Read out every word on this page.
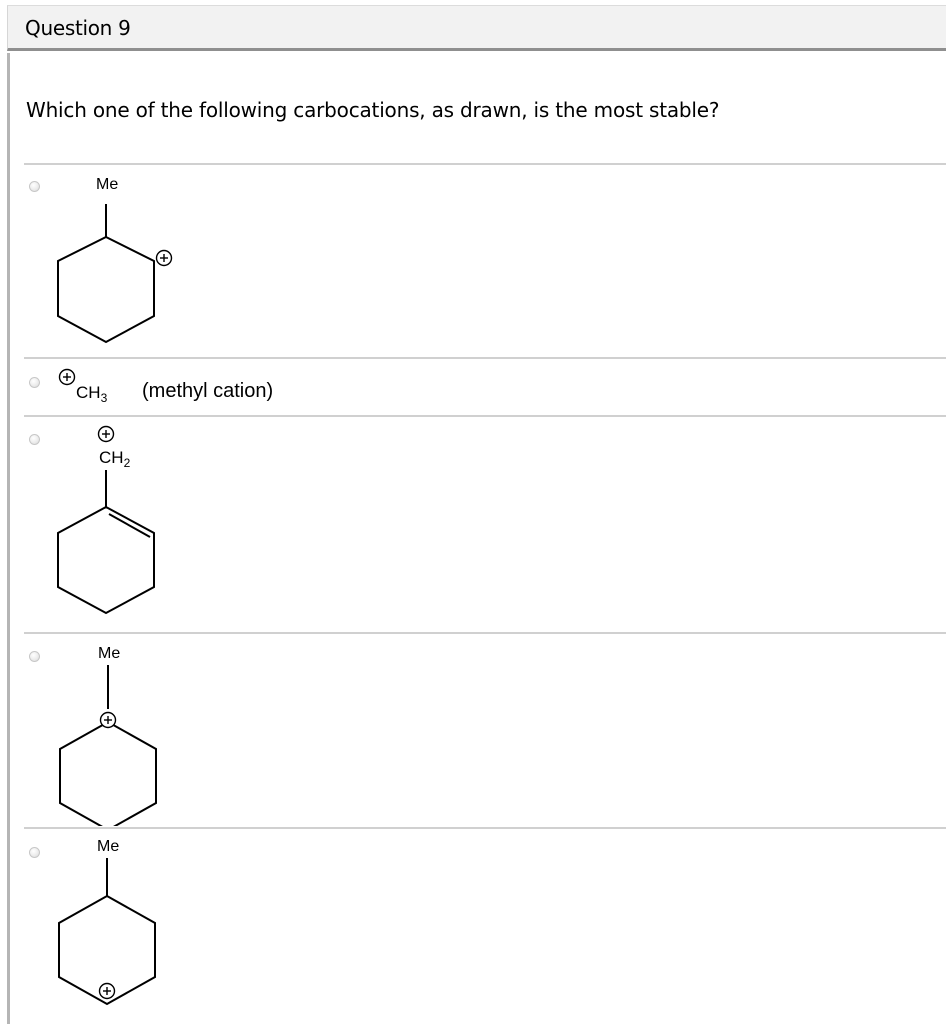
Question 9
Which one of the following carbocations, as drawn, is the most stable?
Me
$CH_3$ (methyl cation)
$CH_2$
Me
Me
